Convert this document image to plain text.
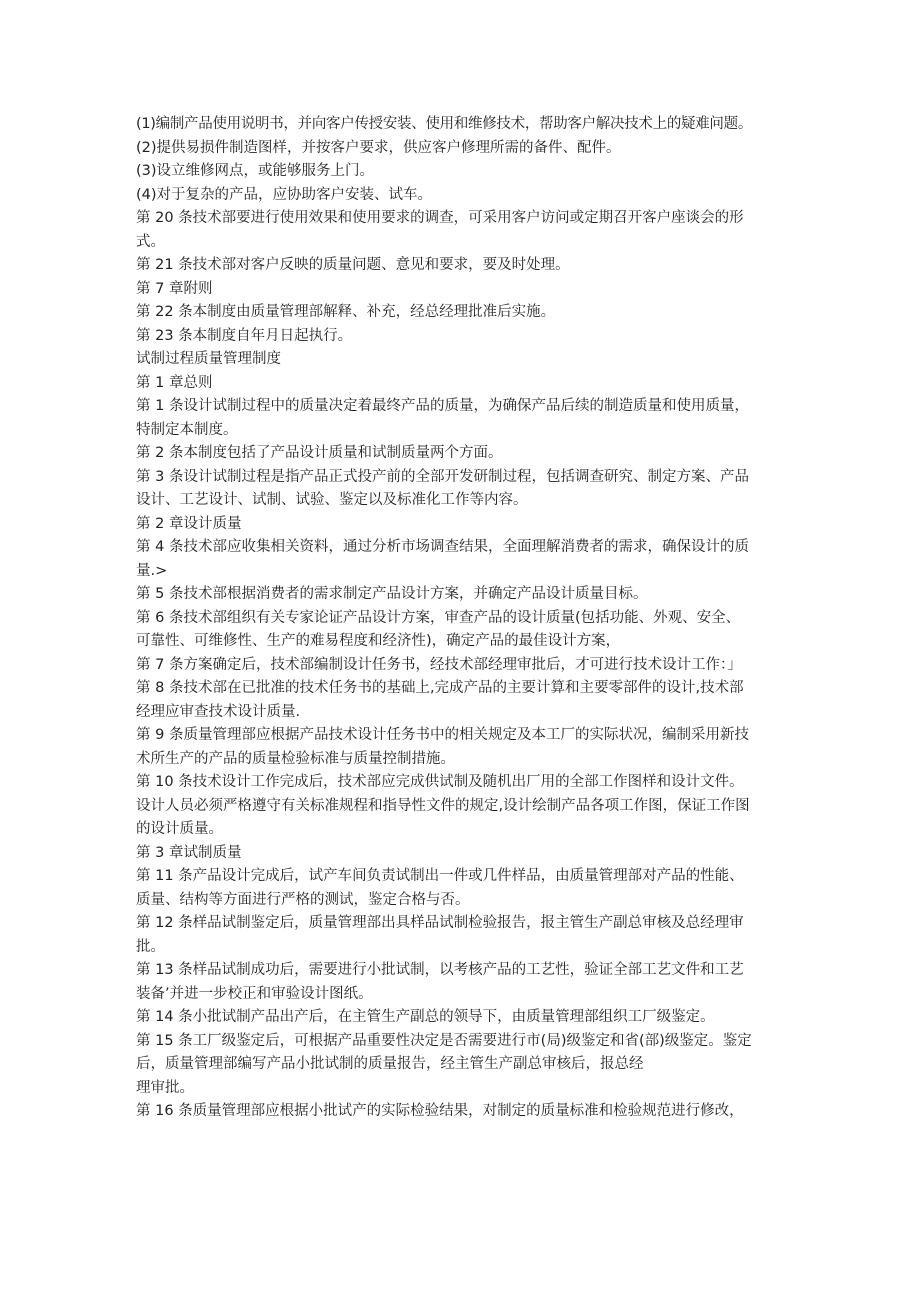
(1)编制产品使用说明书，并向客户传授安装、使用和维修技术，帮助客户解决技术上的疑难问题。
(2)提供易损件制造图样，并按客户要求，供应客户修理所需的备件、配件。
(3)设立维修网点，或能够服务上门。
(4)对于复杂的产品，应协助客户安装、试车。
第 20 条技术部要进行使用效果和使用要求的调查，可采用客户访问或定期召开客户座谈会的形
式。
第 21 条技术部对客户反映的质量问题、意见和要求，要及时处理。
第 7 章附则
第 22 条本制度由质量管理部解释、补充，经总经理批准后实施。
第 23 条本制度自年月日起执行。
试制过程质量管理制度
第 1 章总则
第 1 条设计试制过程中的质量决定着最终产品的质量，为确保产品后续的制造质量和使用质量，
特制定本制度。
第 2 条本制度包括了产品设计质量和试制质量两个方面。
第 3 条设计试制过程是指产品正式投产前的全部开发研制过程，包括调查研究、制定方案、产品
设计、工艺设计、试制、试验、鉴定以及标准化工作等内容。
第 2 章设计质量
第 4 条技术部应收集相关资料，通过分析市场调查结果，全面理解消费者的需求，确保设计的质
量.>
第 5 条技术部根据消费者的需求制定产品设计方案，并确定产品设计质量目标。
第 6 条技术部组织有关专家论证产品设计方案，审查产品的设计质量(包括功能、外观、安全、
可靠性、可维修性、生产的难易程度和经济性)，确定产品的最佳设计方案，
第 7 条方案确定后，技术部编制设计任务书，经技术部经理审批后，才可进行技术设计工作：」
第 8 条技术部在已批准的技术任务书的基础上,完成产品的主要计算和主要零部件的设计,技术部
经理应审查技术设计质量.
第 9 条质量管理部应根据产品技术设计任务书中的相关规定及本工厂的实际状况，编制采用新技
术所生产的产品的质量检验标准与质量控制措施。
第 10 条技术设计工作完成后，技术部应完成供试制及随机出厂用的全部工作图样和设计文件。
设计人员必须严格遵守有关标准规程和指导性文件的规定,设计绘制产品各项工作图，保证工作图
的设计质量。
第 3 章试制质量
第 11 条产品设计完成后，试产车间负责试制出一件或几件样品，由质量管理部对产品的性能、
质量、结构等方面进行严格的测试，鉴定合格与否。
第 12 条样品试制鉴定后，质量管理部出具样品试制检验报告，报主管生产副总审核及总经理审
批。
第 13 条样品试制成功后，需要进行小批试制，以考核产品的工艺性，验证全部工艺文件和工艺
装备’并进一步校正和审验设计图纸。
第 14 条小批试制产品出产后，在主管生产副总的领导下，由质量管理部组织工厂级鉴定。
第 15 条工厂级鉴定后，可根据产品重要性决定是否需要进行市(局)级鉴定和省(部)级鉴定。鉴定
后，质量管理部编写产品小批试制的质量报告，经主管生产副总审核后，报总经
理审批。
第 16 条质量管理部应根据小批试产的实际检验结果，对制定的质量标准和检验规范进行修改，
